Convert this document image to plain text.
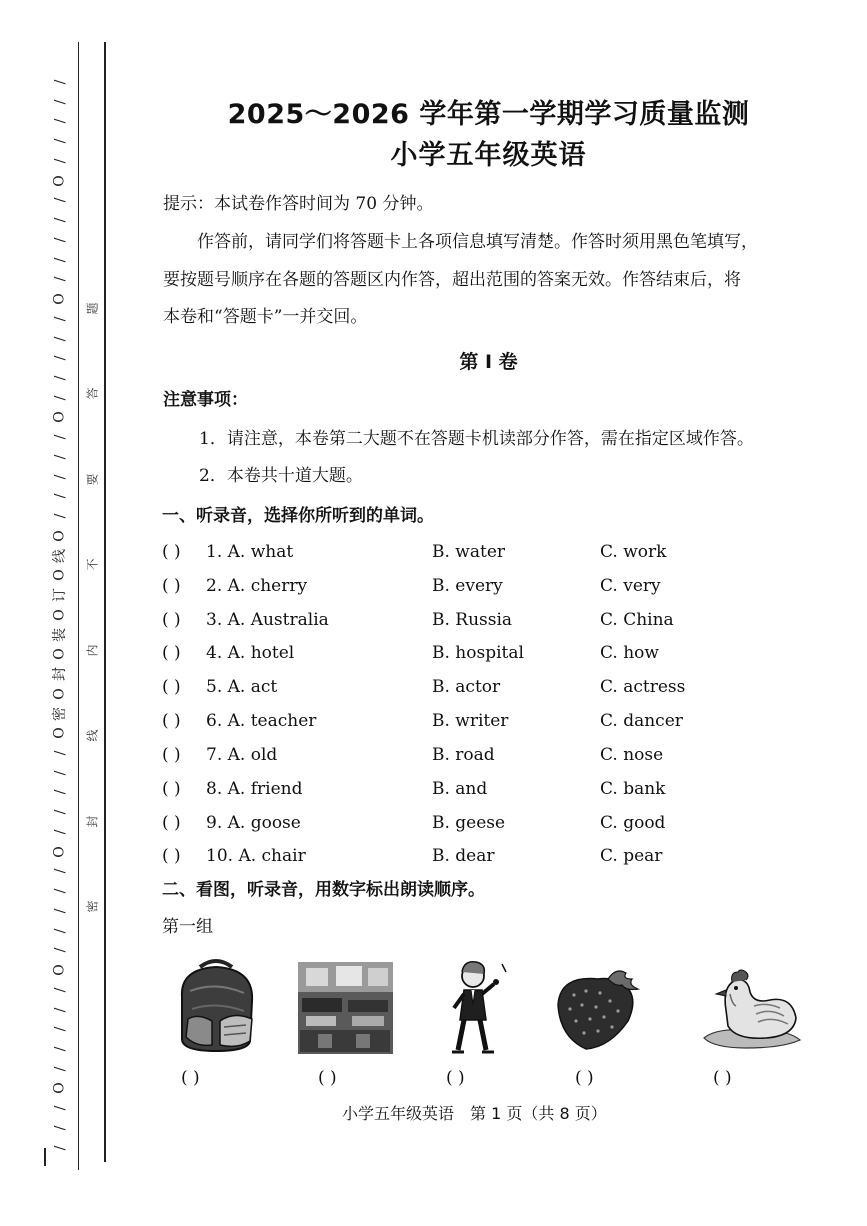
/
/
/
/
/
O
/
/
/
/
/
O
/
/
/
/
/
O
/
/
/
/
/
O
线
O
订
O
装
O
封
O
密
O
/
/
/
/
/
O
/
/
/
/
/
O
/
/
/
/
/
O
/
/
/
题
答
要
不
内
线
封
密
2025～2026 学年第一学期学习质量监测
小学五年级英语
提示：本试卷作答时间为 70 分钟。
作答前，请同学们将答题卡上各项信息填写清楚。作答时须用黑色笔填写，
要按题号顺序在各题的答题区内作答，超出范围的答案无效。作答结束后，将
本卷和“答题卡”一并交回。
第 Ⅰ 卷
注意事项：
1．请注意，本卷第二大题不在答题卡机读部分作答，需在指定区域作答。
2．本卷共十道大题。
一、听录音，选择你所听到的单词。
( ) 1. A. what	B. water	C. work
( ) 2. A. cherry	B. every	C. very
( ) 3. A. Australia	B. Russia	C. China
( ) 4. A. hotel	B. hospital	C. how
( ) 5. A. act	B. actor	C. actress
( ) 6. A. teacher	B. writer	C. dancer
( ) 7. A. old	B. road	C. nose
( ) 8. A. friend	B. and	C. bank
( ) 9. A. goose	B. geese	C. good
( ) 10. A. chair	B. dear	C. pear
二、看图，听录音，用数字标出朗读顺序。
第一组
( )	( )	( )	( )	( )
小学五年级英语　第 1 页（共 8 页）
